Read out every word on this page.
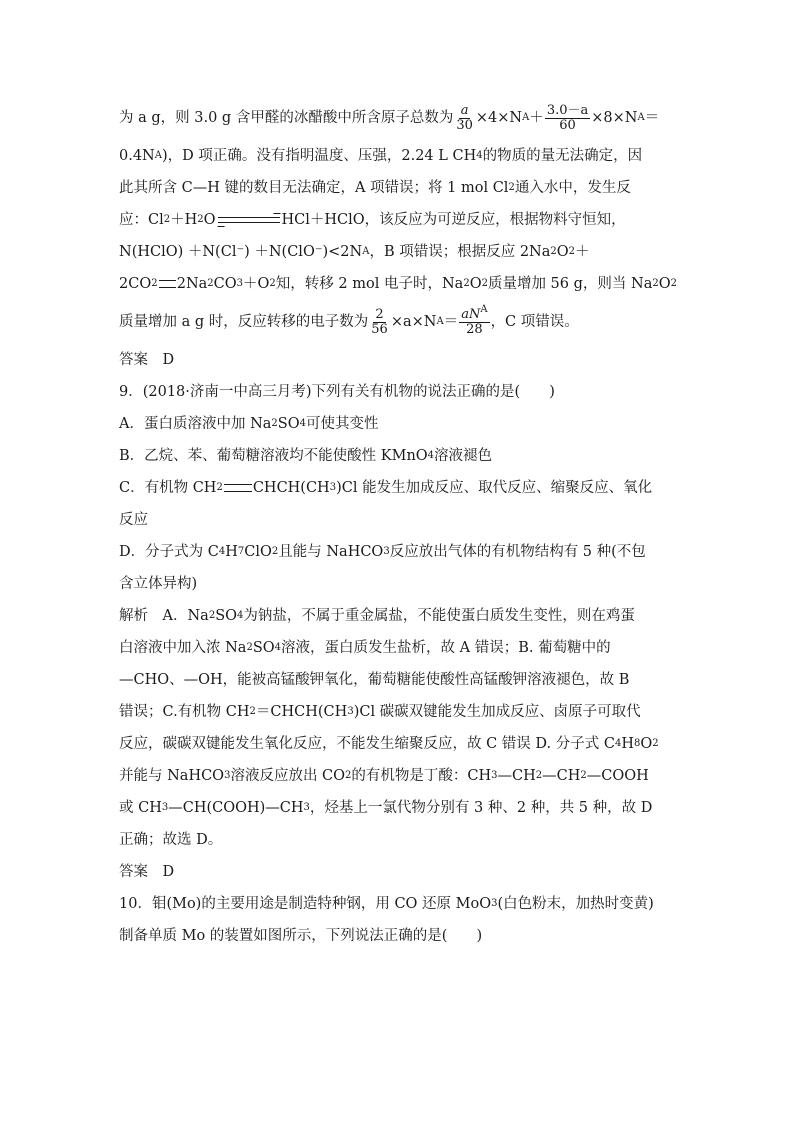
为 a g，则 3.0 g 含甲醛的冰醋酸中所含原子总数为 $\frac{a}{30} \times 4\times N$ $A + \frac{3.0-a}{60} \times 8\times N$ A ＝
0.4N A )，D 项正确。没有指明温度、压强，2.24 L CH 4 的物质的量无法确定，因
此其所含 C—H 键的数目无法确定，A 项错误；将 1 mol Cl 2 通入水中，发生反
应：Cl 2 ＋H 2 O	HCl＋HClO，该反应为可逆反应，根据物料守恒知，
N(HClO) ＋N(Cl⁻) ＋N(ClO⁻)<2N A ，B 项错误；根据反应 2Na 2 O 2 ＋
2CO 2 2Na 2 CO 3 ＋O 2 知，转移 2 mol 电子时，Na 2 O 2 质量增加 56 g，则当 Na 2 O 2
质量增加 a g 时，反应转移的电子数为 $\frac{2}{56} \times a\times N$ $A = \frac{aN^A}{28}$ ，C 项错误。
答案　D
9．(2018·济南一中高三月考)下列有关有机物的说法正确的是(　　)
A．蛋白质溶液中加 Na 2 SO 4 可使其变性
B．乙烷、苯、葡萄糖溶液均不能使酸性 KMnO 4 溶液褪色
C．有机物 CH 2 CHCH(CH 3 )Cl 能发生加成反应、取代反应、缩聚反应、氧化
反应
D．分子式为 C 4 H 7 ClO 2 且能与 NaHCO 3 反应放出气体的有机物结构有 5 种(不包
含立体异构)
解析　A．Na 2 SO 4 为钠盐，不属于重金属盐，不能使蛋白质发生变性，则在鸡蛋
白溶液中加入浓 Na 2 SO 4 溶液，蛋白质发生盐析，故 A 错误；B. 葡萄糖中的
—CHO、—OH，能被高锰酸钾氧化，葡萄糖能使酸性高锰酸钾溶液褪色，故 B
错误；C.有机物 CH 2 ＝CHCH(CH 3 )Cl 碳碳双键能发生加成反应、卤原子可取代
反应，碳碳双键能发生氧化反应，不能发生缩聚反应，故 C 错误 D. 分子式 C 4 H 8 O 2
并能与 NaHCO 3 溶液反应放出 CO 2 的有机物是丁酸：CH 3 —CH 2 —CH 2 —COOH
或 CH 3 —CH(COOH)—CH 3 ，烃基上一氯代物分别有 3 种、2 种，共 5 种，故 D
正确；故选 D。
答案　D
10．钼(Mo)的主要用途是制造特种钢，用 CO 还原 MoO 3 (白色粉末，加热时变黄)
制备单质 Mo 的装置如图所示，下列说法正确的是(　　)
